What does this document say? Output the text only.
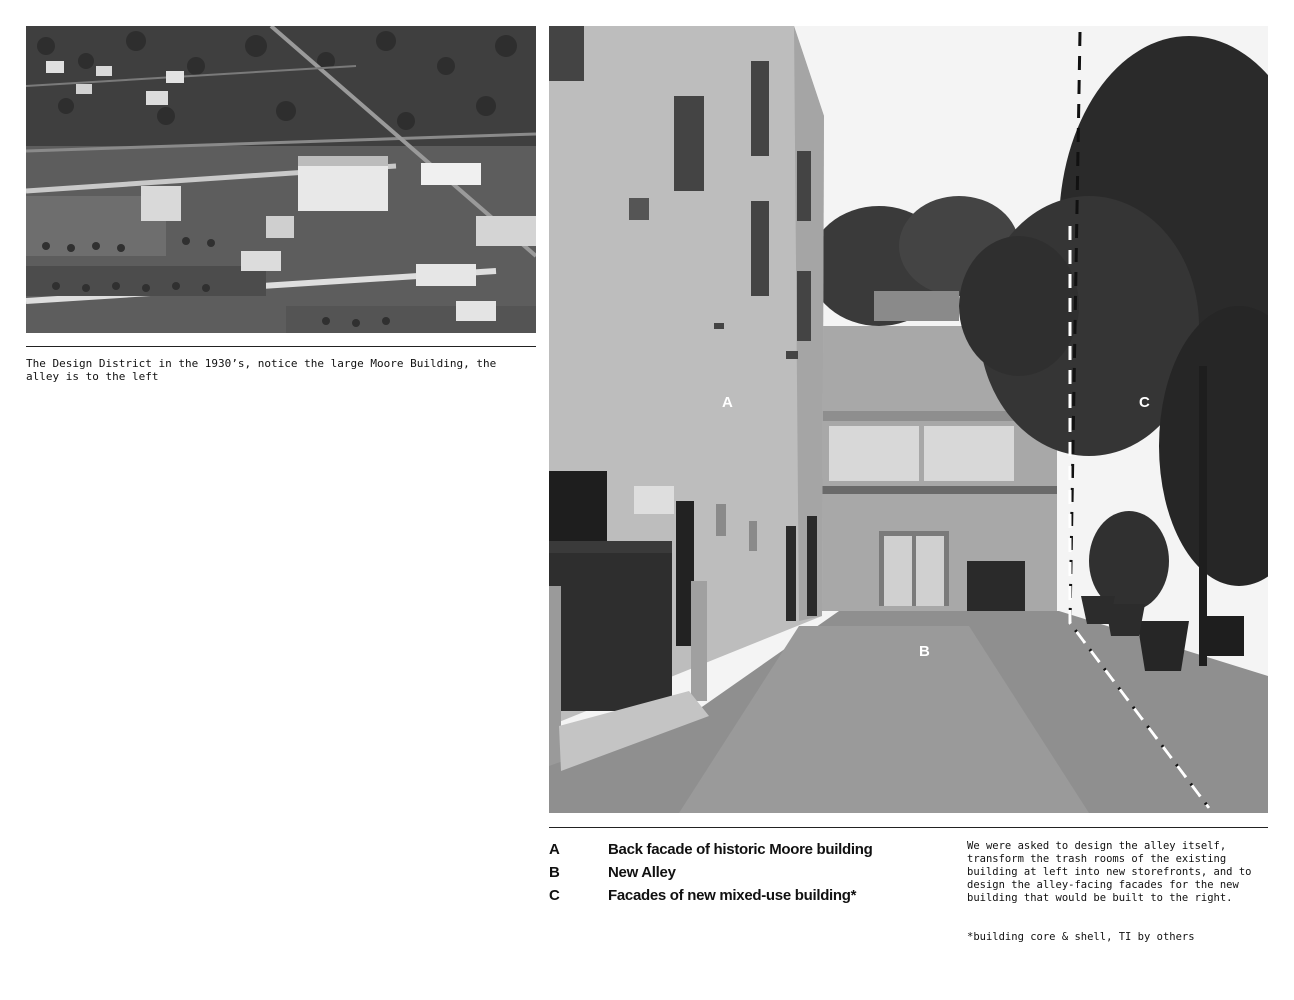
The Design District in the 1930’s, notice the large Moore Building, the alley is to the left
A
B
C
A	Back facade of historic Moore building
B	New Alley
C	Facades of new mixed-use building*
We were asked to design the alley itself, transform the trash rooms of the existing building at left into new storefronts, and to design the alley-facing facades for the new building that would be built to the right.
*building core & shell, TI by others
